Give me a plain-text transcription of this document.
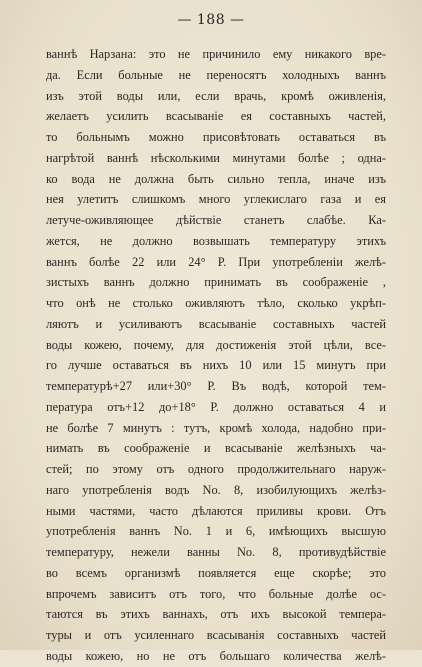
— 188 —
ваннѣ Нарзана: это не причинило ему никакого вре-
да. Если больные не переносятъ холодныхъ ваннъ
изъ этой воды или, если врачь, кромѣ оживленія,
желаетъ усилить всасываніе ея составныхъ частей,
то больнымъ можно присовѣтовать оставаться въ
нагрѣтой ваннѣ нѣсколькими минутами болѣе ; одна-
ко вода не должна быть сильно тепла, иначе изъ
нея улетитъ слишкомъ много углекислаго газа и ея
летуче-оживляющее дѣйствіе станетъ слабѣе. Ка-
жется, не должно возвышать температуру этихъ
ваннъ болѣе 22 или 24° Р. При употребленіи желѣ-
зистыхъ ваннъ должно принимать въ соображеніе ,
что онѣ не столько оживляютъ тѣло, сколько укрѣп-
ляютъ и усиливаютъ всасываніе составныхъ частей
воды кожею, почему, для достиженія этой цѣли, все-
го лучше оставаться въ нихъ 10 или 15 минутъ при
температурѣ+27 или+30° Р. Въ водѣ, которой тем-
пература отъ+12 до+18° Р. должно оставаться 4 и
не болѣе 7 минутъ : тутъ, кромѣ холода, надобно при-
нимать въ соображеніе и всасываніе желѣзныхъ ча-
стей; по этому отъ одного продолжительнаго наруж-
наго употребленія водъ No. 8, изобилующихъ желѣз-
ными частями, часто дѣлаются приливы крови. Отъ
употребленія ваннъ No. 1 и 6, имѣющихъ высшую
температуру, нежели ванны No. 8, противудѣйствіе
во всемъ организмѣ появляется еще скорѣе; это
впрочемъ зависитъ отъ того, что больные долѣе ос-
таются въ этихъ ваннахъ, отъ ихъ высокой темпера-
туры и отъ усиленнаго всасыванія составныхъ частей
воды кожею, но не отъ большаго количества желѣ-
